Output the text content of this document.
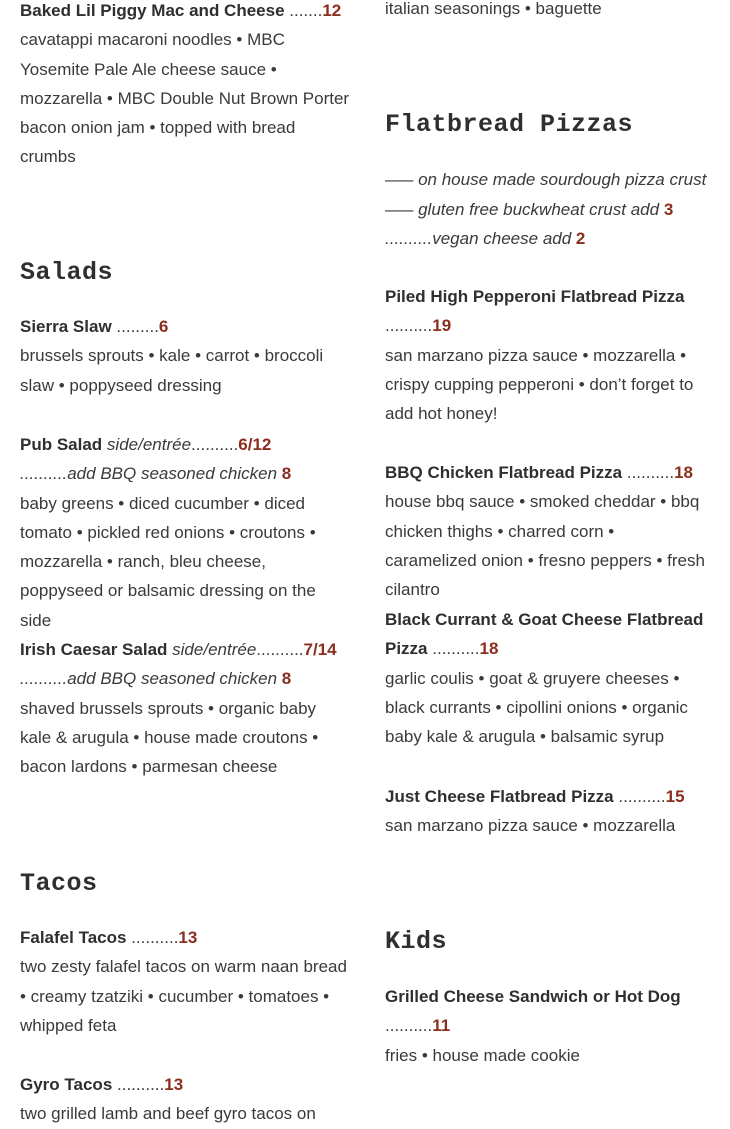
Baked Lil Piggy Mac and Cheese .......12
cavatappi macaroni noodles • MBC Yosemite Pale Ale cheese sauce • mozzarella • MBC Double Nut Brown Porter bacon onion jam • topped with bread crumbs
Salads
Sierra Slaw .........6
brussels sprouts • kale • carrot • broccoli slaw • poppyseed dressing
Pub Salad side/entrée..........6/12 ..........add BBQ seasoned chicken 8
baby greens • diced cucumber • diced tomato • pickled red onions • croutons • mozzarella • ranch, bleu cheese, poppyseed or balsamic dressing on the side
Irish Caesar Salad side/entrée..........7/14
..........add BBQ seasoned chicken 8
shaved brussels sprouts • organic baby kale & arugula • house made croutons • bacon lardons • parmesan cheese
Tacos
Falafel Tacos ..........13
two zesty falafel tacos on warm naan bread • creamy tzatziki • cucumber • tomatoes • whipped feta
Gyro Tacos ..........13
two grilled lamb and beef gyro tacos on
italian seasonings • baguette
Flatbread Pizzas
––– on house made sourdough pizza crust
––– gluten free buckwheat crust add 3
..........vegan cheese add 2
Piled High Pepperoni Flatbread Pizza ..........19
san marzano pizza sauce • mozzarella • crispy cupping pepperoni • don’t forget to add hot honey!
BBQ Chicken Flatbread Pizza ..........18
house bbq sauce • smoked cheddar • bbq chicken thighs • charred corn • caramelized onion • fresno peppers • fresh cilantro
Black Currant & Goat Cheese Flatbread Pizza ..........18
garlic coulis • goat & gruyere cheeses • black currants • cipollini onions • organic baby kale & arugula • balsamic syrup
Just Cheese Flatbread Pizza ..........15
san marzano pizza sauce • mozzarella
Kids
Grilled Cheese Sandwich or Hot Dog ..........11
fries • house made cookie
